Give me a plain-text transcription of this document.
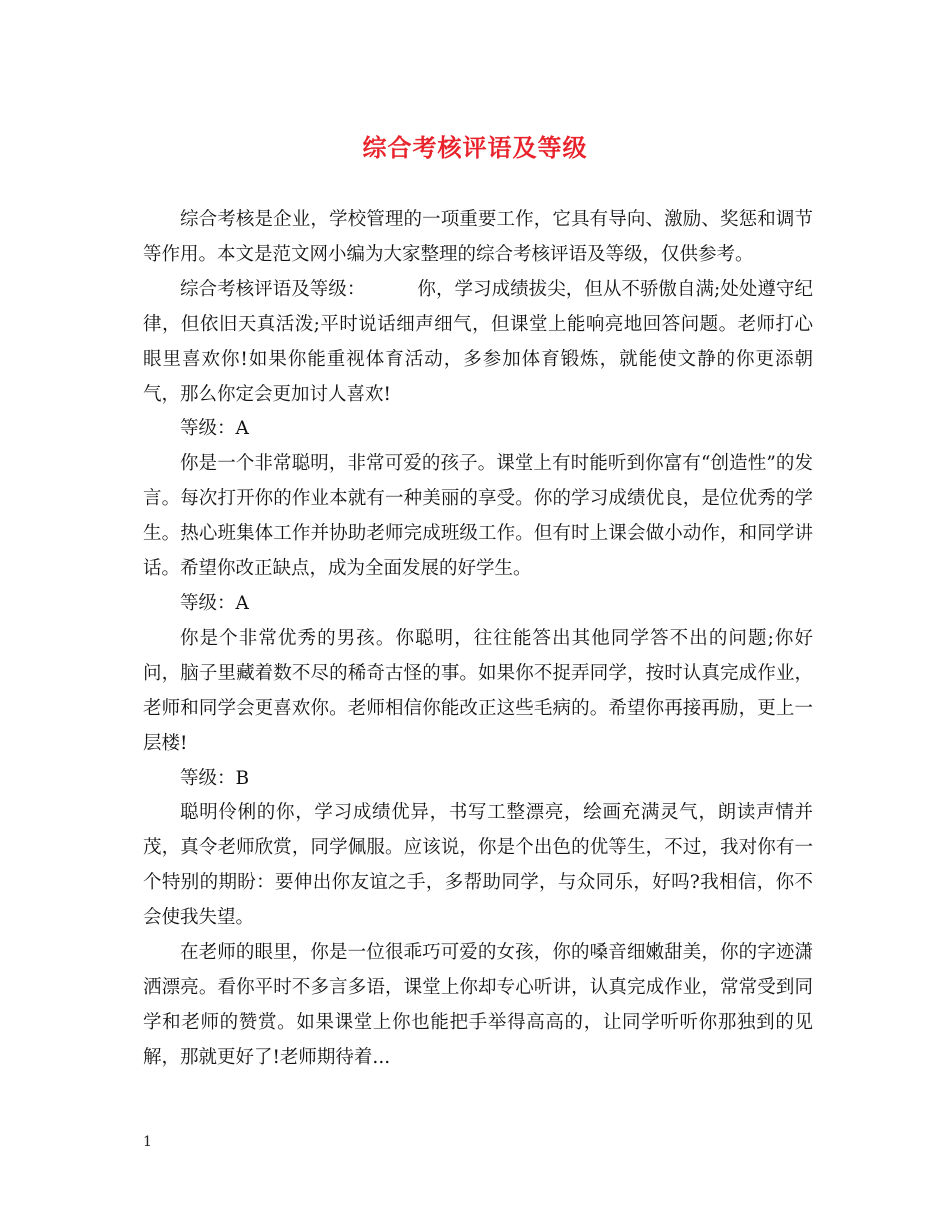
综合考核评语及等级

综合考核是企业，学校管理的一项重要工作，它具有导向、激励、奖惩和调节等作用。本文是范文网小编为大家整理的综合考核评语及等级，仅供参考。

综合考核评语及等级：	你，学习成绩拔尖，但从不骄傲自满;处处遵守纪律，但依旧天真活泼;平时说话细声细气，但课堂上能响亮地回答问题。老师打心眼里喜欢你!如果你能重视体育活动，多参加体育锻炼，就能使文静的你更添朝气，那么你定会更加讨人喜欢!

等级：A

你是一个非常聪明，非常可爱的孩子。课堂上有时能听到你富有“创造性”的发言。每次打开你的作业本就有一种美丽的享受。你的学习成绩优良，是位优秀的学生。热心班集体工作并协助老师完成班级工作。但有时上课会做小动作，和同学讲话。希望你改正缺点，成为全面发展的好学生。

等级：A

你是个非常优秀的男孩。你聪明，往往能答出其他同学答不出的问题;你好问，脑子里藏着数不尽的稀奇古怪的事。如果你不捉弄同学，按时认真完成作业，老师和同学会更喜欢你。老师相信你能改正这些毛病的。希望你再接再励，更上一层楼!

等级：B

聪明伶俐的你，学习成绩优异，书写工整漂亮，绘画充满灵气，朗读声情并茂，真令老师欣赏，同学佩服。应该说，你是个出色的优等生，不过，我对你有一个特别的期盼：要伸出你友谊之手，多帮助同学，与众同乐，好吗?我相信，你不会使我失望。

在老师的眼里，你是一位很乖巧可爱的女孩，你的嗓音细嫩甜美，你的字迹潇洒漂亮。看你平时不多言多语，课堂上你却专心听讲，认真完成作业，常常受到同学和老师的赞赏。如果课堂上你也能把手举得高高的，让同学听听你那独到的见解，那就更好了!老师期待着...

1
